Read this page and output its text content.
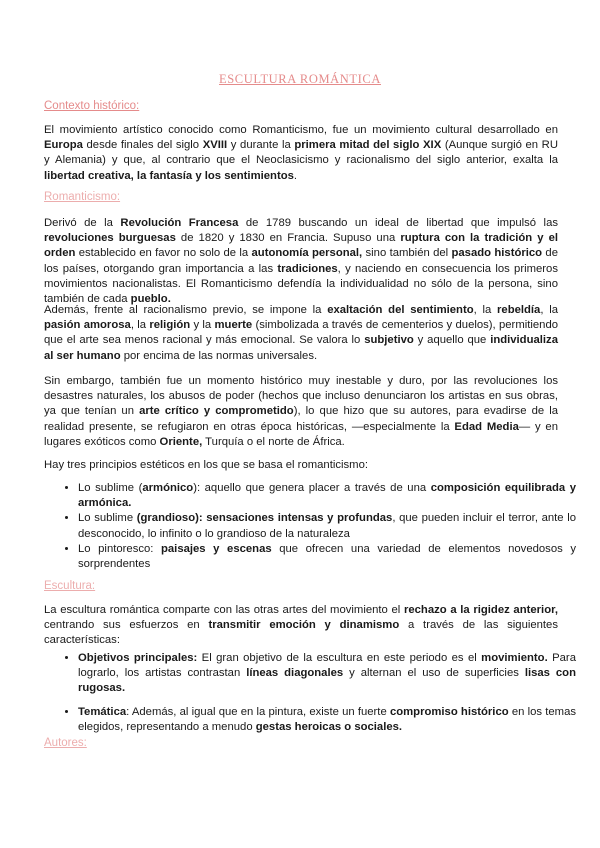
ESCULTURA ROMÁNTICA
Contexto histórico:
El movimiento artístico conocido como Romanticismo, fue un movimiento cultural desarrollado en Europa desde finales del siglo XVIII y durante la primera mitad del siglo XIX (Aunque surgió en RU y Alemania) y que, al contrario que el Neoclasicismo y racionalismo del siglo anterior, exalta la libertad creativa, la fantasía y los sentimientos.
Romanticismo:
Derivó de la Revolución Francesa de 1789 buscando un ideal de libertad que impulsó las revoluciones burguesas de 1820 y 1830 en Francia. Supuso una ruptura con la tradición y el orden establecido en favor no solo de la autonomía personal, sino también del pasado histórico de los países, otorgando gran importancia a las tradiciones, y naciendo en consecuencia los primeros movimientos nacionalistas. El Romanticismo defendía la individualidad no sólo de la persona, sino también de cada pueblo.
Además, frente al racionalismo previo, se impone la exaltación del sentimiento, la rebeldía, la pasión amorosa, la religión y la muerte (simbolizada a través de cementerios y duelos), permitiendo que el arte sea menos racional y más emocional. Se valora lo subjetivo y aquello que individualiza al ser humano por encima de las normas universales.
Sin embargo, también fue un momento histórico muy inestable y duro, por las revoluciones los desastres naturales, los abusos de poder (hechos que incluso denunciaron los artistas en sus obras, ya que tenían un arte crítico y comprometido), lo que hizo que su autores, para evadirse de la realidad presente, se refugiaron en otras época históricas, —especialmente la Edad Media— y en lugares exóticos como Oriente, Turquía o el norte de África.
Hay tres principios estéticos en los que se basa el romanticismo:
• Lo sublime (armónico): aquello que genera placer a través de una composición equilibrada y armónica.
• Lo sublime (grandioso): sensaciones intensas y profundas, que pueden incluir el terror, ante lo desconocido, lo infinito o lo grandioso de la naturaleza
• Lo pintoresco: paisajes y escenas que ofrecen una variedad de elementos novedosos y sorprendentes
Escultura:
La escultura romántica comparte con las otras artes del movimiento el rechazo a la rigidez anterior, centrando sus esfuerzos en transmitir emoción y dinamismo a través de las siguientes características:
• Objetivos principales: El gran objetivo de la escultura en este periodo es el movimiento. Para lograrlo, los artistas contrastan líneas diagonales y alternan el uso de superficies lisas con rugosas.
• Temática: Además, al igual que en la pintura, existe un fuerte compromiso histórico en los temas elegidos, representando a menudo gestas heroicas o sociales.
Autores:
